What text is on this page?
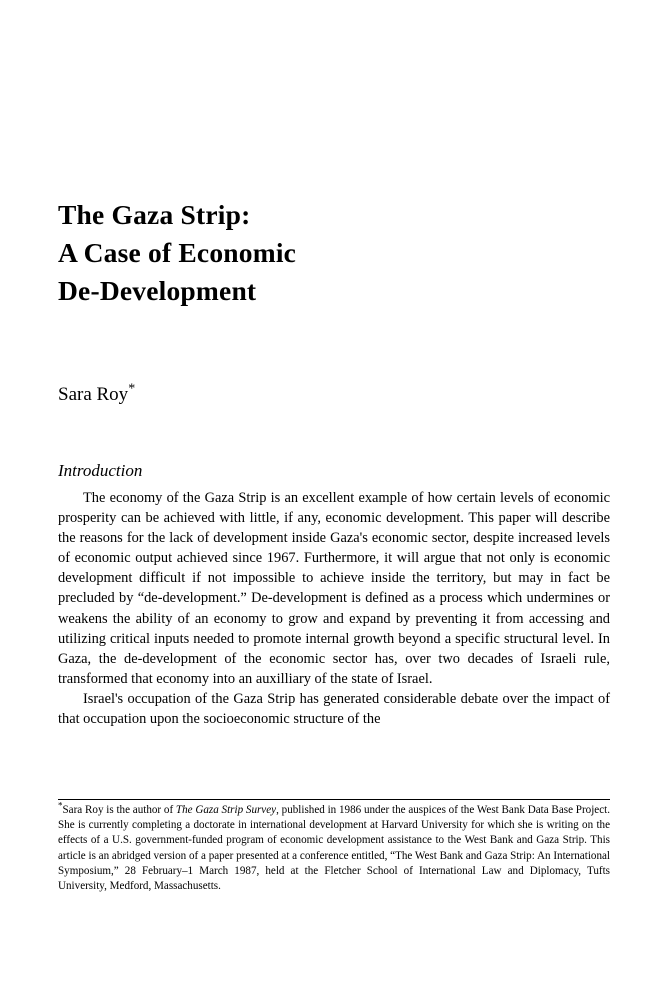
The Gaza Strip:
A Case of Economic
De-Development
Sara Roy*
Introduction

The economy of the Gaza Strip is an excellent example of how certain levels of economic prosperity can be achieved with little, if any, economic development. This paper will describe the reasons for the lack of development inside Gaza's economic sector, despite increased levels of economic output achieved since 1967. Furthermore, it will argue that not only is economic development difficult if not impossible to achieve inside the territory, but may in fact be precluded by “de-development.” De-development is defined as a process which undermines or weakens the ability of an economy to grow and expand by preventing it from accessing and utilizing critical inputs needed to promote internal growth beyond a specific structural level. In Gaza, the de-development of the economic sector has, over two decades of Israeli rule, transformed that economy into an auxilliary of the state of Israel.

Israel's occupation of the Gaza Strip has generated considerable debate over the impact of that occupation upon the socioeconomic structure of the

*Sara Roy is the author of The Gaza Strip Survey, published in 1986 under the auspices of the West Bank Data Base Project. She is currently completing a doctorate in international development at Harvard University for which she is writing on the effects of a U.S. government-funded program of economic development assistance to the West Bank and Gaza Strip. This article is an abridged version of a paper presented at a conference entitled, “The West Bank and Gaza Strip: An International Symposium,” 28 February–1 March 1987, held at the Fletcher School of International Law and Diplomacy, Tufts University, Medford, Massachusetts.
